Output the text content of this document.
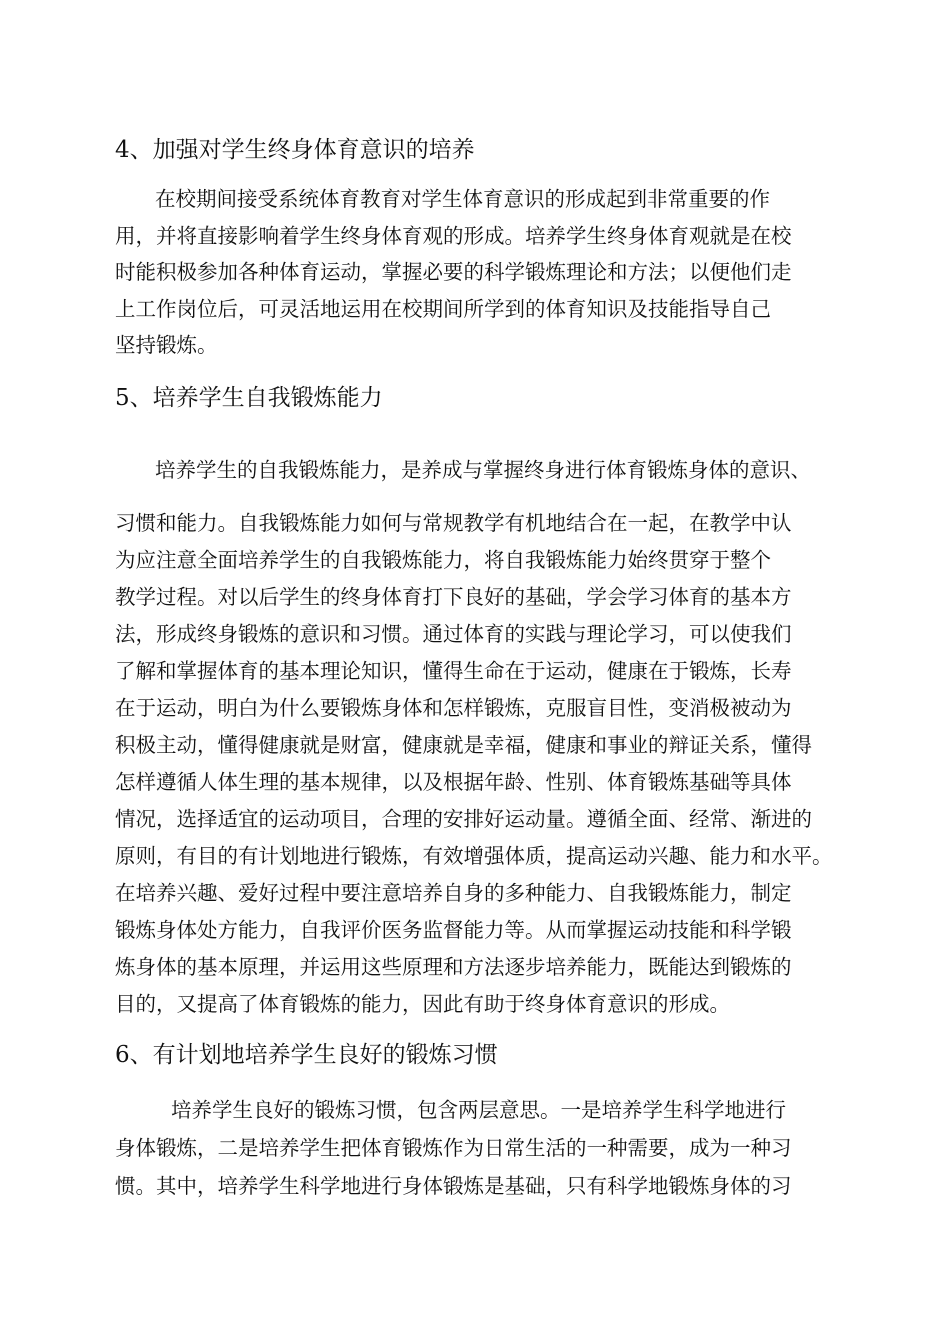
4、加强对学生终身体育意识的培养
在校期间接受系统体育教育对学生体育意识的形成起到非常重要的作
用，并将直接影响着学生终身体育观的形成。培养学生终身体育观就是在校
时能积极参加各种体育运动，掌握必要的科学锻炼理论和方法；以便他们走
上工作岗位后，可灵活地运用在校期间所学到的体育知识及技能指导自己
坚持锻炼。
5、培养学生自我锻炼能力
培养学生的自我锻炼能力，是养成与掌握终身进行体育锻炼身体的意识、
习惯和能力。自我锻炼能力如何与常规教学有机地结合在一起，在教学中认
为应注意全面培养学生的自我锻炼能力，将自我锻炼能力始终贯穿于整个
教学过程。对以后学生的终身体育打下良好的基础，学会学习体育的基本方
法，形成终身锻炼的意识和习惯。通过体育的实践与理论学习，可以使我们
了解和掌握体育的基本理论知识，懂得生命在于运动，健康在于锻炼，长寿
在于运动，明白为什么要锻炼身体和怎样锻炼，克服盲目性，变消极被动为
积极主动，懂得健康就是财富，健康就是幸福，健康和事业的辩证关系，懂得
怎样遵循人体生理的基本规律，以及根据年龄、性别、体育锻炼基础等具体
情况，选择适宜的运动项目，合理的安排好运动量。遵循全面、经常、渐进的
原则，有目的有计划地进行锻炼，有效增强体质，提高运动兴趣、能力和水平。
在培养兴趣、爱好过程中要注意培养自身的多种能力、自我锻炼能力，制定
锻炼身体处方能力，自我评价医务监督能力等。从而掌握运动技能和科学锻
炼身体的基本原理，并运用这些原理和方法逐步培养能力，既能达到锻炼的
目的，又提高了体育锻炼的能力，因此有助于终身体育意识的形成。
6、有计划地培养学生良好的锻炼习惯
培养学生良好的锻炼习惯，包含两层意思。一是培养学生科学地进行
身体锻炼，二是培养学生把体育锻炼作为日常生活的一种需要，成为一种习
惯。其中，培养学生科学地进行身体锻炼是基础，只有科学地锻炼身体的习
